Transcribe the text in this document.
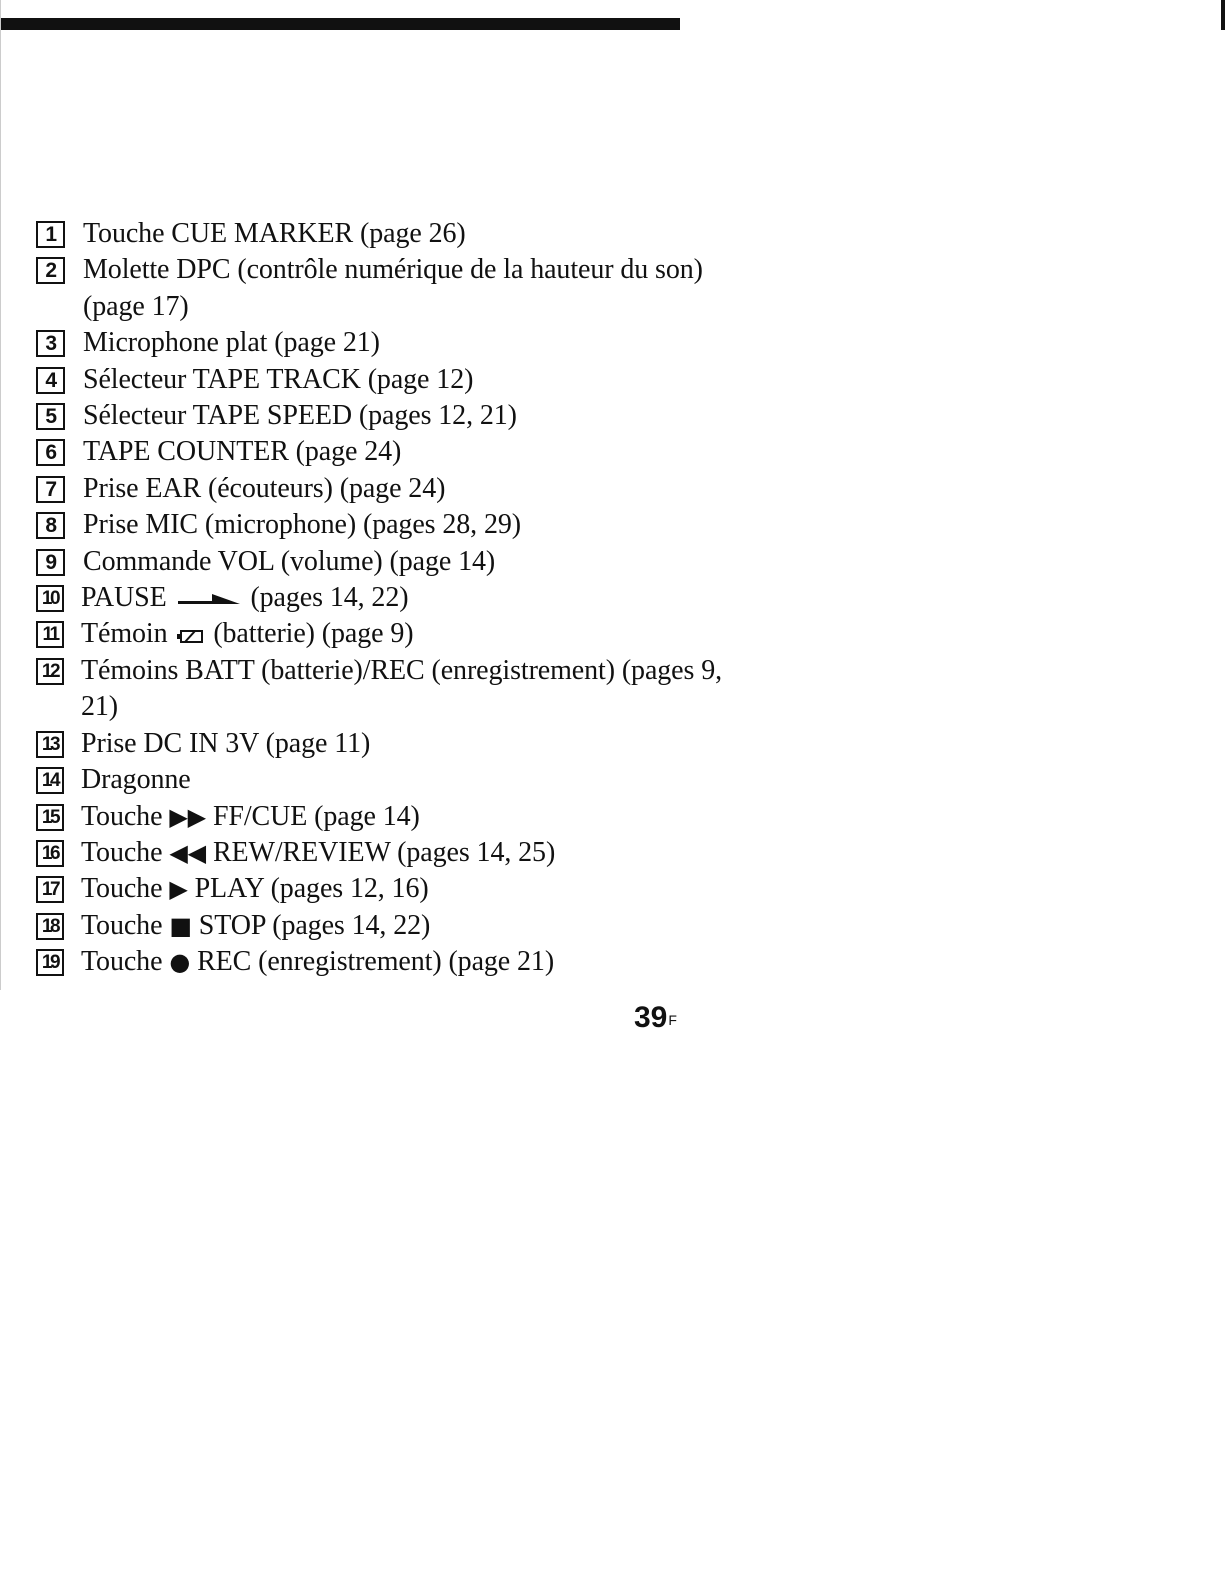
1 Touche CUE MARKER (page 26)
2 Molette DPC (contrôle numérique de la hauteur du son) (page 17)
3 Microphone plat (page 21)
4 Sélecteur TAPE TRACK (page 12)
5 Sélecteur TAPE SPEED (pages 12, 21)
6 TAPE COUNTER (page 24)
7 Prise EAR (écouteurs) (page 24)
8 Prise MIC (microphone) (pages 28, 29)
9 Commande VOL (volume) (page 14)
10 PAUSE	(pages 14, 22)
11 Témoin (batterie) (page 9)
12 Témoins BATT (batterie)/REC (enregistrement) (pages 9, 21)
13 Prise DC IN 3V (page 11)
14 Dragonne
15 Touche ▶▶ FF/CUE (page 14)
16 Touche ◀◀ REW/REVIEW (pages 14, 25)
17 Touche ▶ PLAY (pages 12, 16)
18 Touche ■ STOP (pages 14, 22)
19 Touche ● REC (enregistrement) (page 21)
$39^F$
